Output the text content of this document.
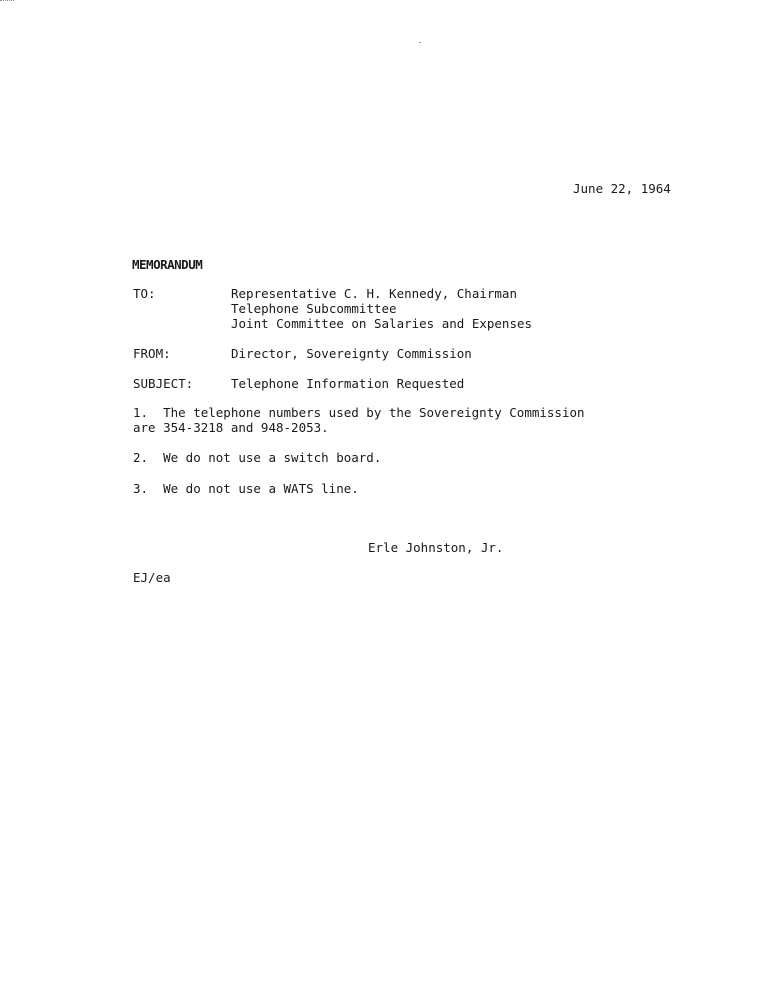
June 22, 1964
MEMORANDUM
TO:	Representative C. H. Kennedy, Chairman
Telephone Subcommittee
Joint Committee on Salaries and Expenses
FROM:	Director, Sovereignty Commission
SUBJECT:	Telephone Information Requested
1.  The telephone numbers used by the Sovereignty Commission
are 354-3218 and 948-2053.
2.  We do not use a switch board.
3.  We do not use a WATS line.
Erle Johnston, Jr.
EJ/ea
